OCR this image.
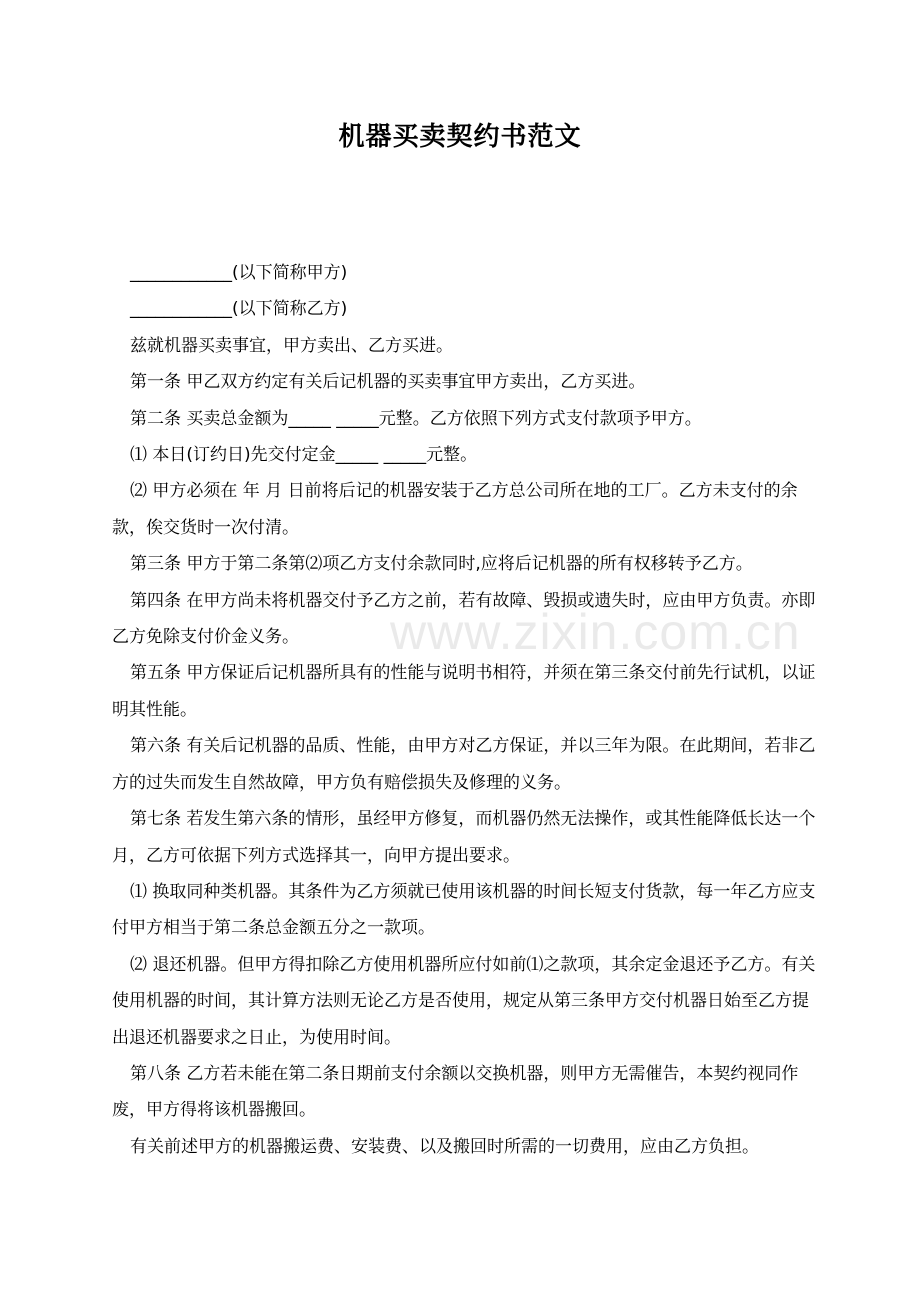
机器买卖契约书范文

____________(以下简称甲方)

____________(以下简称乙方)

兹就机器买卖事宜，甲方卖出、乙方买进。

第一条 甲乙双方约定有关后记机器的买卖事宜甲方卖出，乙方买进。

第二条 买卖总金额为_____ _____元整。乙方依照下列方式支付款项予甲方。

⑴ 本日(订约日)先交付定金_____ _____元整。

⑵ 甲方必须在 年 月 日前将后记的机器安装于乙方总公司所在地的工厂。乙方未支付的余款，俟交货时一次付清。

第三条 甲方于第二条第⑵项乙方支付余款同时,应将后记机器的所有权移转予乙方。

第四条 在甲方尚未将机器交付予乙方之前，若有故障、毁损或遗失时，应由甲方负责。亦即乙方免除支付价金义务。

第五条 甲方保证后记机器所具有的性能与说明书相符，并须在第三条交付前先行试机，以证明其性能。

第六条 有关后记机器的品质、性能，由甲方对乙方保证，并以三年为限。在此期间，若非乙方的过失而发生自然故障，甲方负有赔偿损失及修理的义务。

第七条 若发生第六条的情形，虽经甲方修复，而机器仍然无法操作，或其性能降低长达一个月，乙方可依据下列方式选择其一，向甲方提出要求。

⑴ 换取同种类机器。其条件为乙方须就已使用该机器的时间长短支付货款，每一年乙方应支付甲方相当于第二条总金额五分之一款项。

⑵ 退还机器。但甲方得扣除乙方使用机器所应付如前⑴之款项，其余定金退还予乙方。有关使用机器的时间，其计算方法则无论乙方是否使用，规定从第三条甲方交付机器日始至乙方提出退还机器要求之日止，为使用时间。

第八条 乙方若未能在第二条日期前支付余额以交换机器，则甲方无需催告，本契约视同作废，甲方得将该机器搬回。

有关前述甲方的机器搬运费、安装费、以及搬回时所需的一切费用，应由乙方负担。

www.zixin.com.cn
